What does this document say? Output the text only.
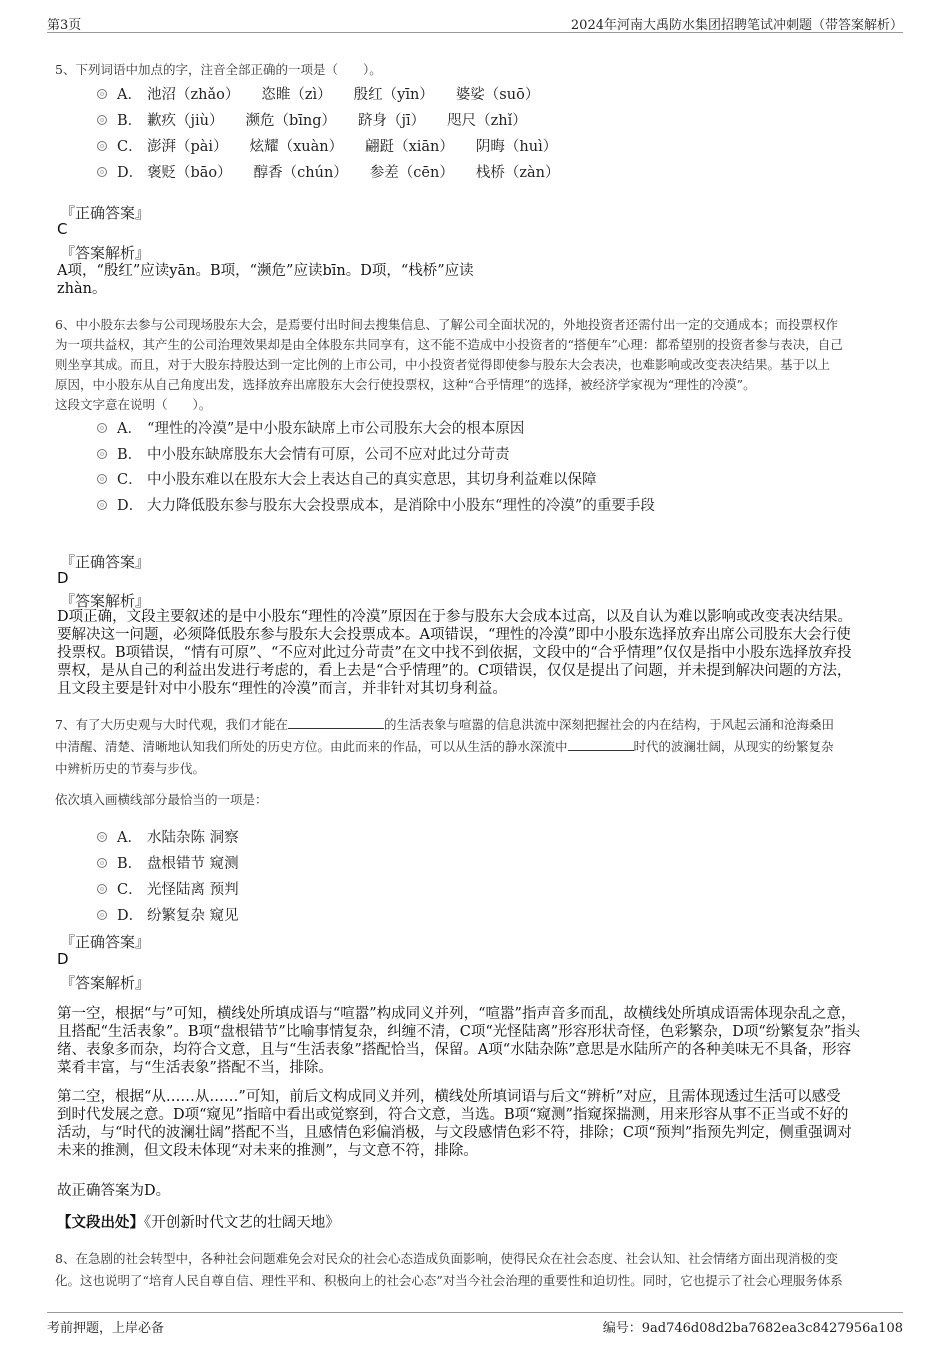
第3页	2024年河南大禹防水集团招聘笔试冲刺题（带答案解析）
5、下列词语中加点的字，注音全部正确的一项是（　　）。
A． 池沼（zhǎo） 恣睢（zì） 殷红（yīn） 婆娑（suō）
B． 歉疚（jiù） 濒危（bīng） 跻身（jī） 咫尺（zhǐ）
C． 澎湃（pài） 炫耀（xuàn） 翩跹（xiān） 阴晦（huì）
D． 褒贬（bāo） 醇香（chún） 参差（cēn） 栈桥（zàn）
『正确答案』
C
『答案解析』
A项，“殷红”应读yān。B项，“濒危”应读bīn。D项，“栈桥”应读
zhàn。
6、中小股东去参与公司现场股东大会，是焉要付出时间去搜集信息、了解公司全面状况的，外地投资者还需付出一定的交通成本；而投票权作
为一项共益权，其产生的公司治理效果却是由全体股东共同享有，这不能不造成中小投资者的“搭便车”心理：都希望别的投资者参与表决，自己
则坐享其成。而且，对于大股东持股达到一定比例的上市公司，中小投资者觉得即使参与股东大会表决，也难影响或改变表决结果。基于以上
原因，中小股东从自己角度出发，选择放弃出席股东大会行使投票权，这种“合乎情理”的选择，被经济学家视为“理性的冷漠”。
这段文字意在说明（　　）。
A． “理性的冷漠”是中小股东缺席上市公司股东大会的根本原因
B． 中小股东缺席股东大会情有可原，公司不应对此过分苛责
C． 中小股东难以在股东大会上表达自己的真实意思，其切身利益难以保障
D． 大力降低股东参与股东大会投票成本，是消除中小股东“理性的冷漠”的重要手段
『正确答案』
D
『答案解析』
D项正确，文段主要叙述的是中小股东“理性的冷漠”原因在于参与股东大会成本过高，以及自认为难以影响或改变表决结果。
要解决这一问题，必须降低股东参与股东大会投票成本。A项错误，“理性的冷漠”即中小股东选择放弃出席公司股东大会行使
投票权。B项错误，“情有可原”、“不应对此过分苛责”在文中找不到依据，文段中的“合乎情理”仅仅是指中小股东选择放弃投
票权，是从自己的利益出发进行考虑的，看上去是“合乎情理”的。C项错误，仅仅是提出了问题，并未提到解决问题的方法，
且文段主要是针对中小股东“理性的冷漠”而言，并非针对其切身利益。
7、有了大历史观与大时代观，我们才能在	的生活表象与喧嚣的信息洪流中深刻把握社会的内在结构，于风起云涌和沧海桑田
中清醒、清楚、清晰地认知我们所处的历史方位。由此而来的作品，可以从生活的静水深流中	时代的波澜壮阔，从现实的纷繁复杂
中辨析历史的节奏与步伐。
依次填入画横线部分最恰当的一项是：
A． 水陆杂陈 洞察
B． 盘根错节 窥测
C． 光怪陆离 预判
D． 纷繁复杂 窥见
『正确答案』
D
『答案解析』
第一空，根据“与”可知，横线处所填成语与“喧嚣”构成同义并列，“喧嚣”指声音多而乱，故横线处所填成语需体现杂乱之意，
且搭配“生活表象”。B项“盘根错节”比喻事情复杂，纠缠不清，C项“光怪陆离”形容形状奇怪，色彩繁杂，D项“纷繁复杂”指头
绪、表象多而杂，均符合文意，且与“生活表象”搭配恰当，保留。A项“水陆杂陈”意思是水陆所产的各种美味无不具备，形容
菜肴丰富，与“生活表象”搭配不当，排除。
第二空，根据“从……从……”可知，前后文构成同义并列，横线处所填词语与后文“辨析”对应，且需体现透过生活可以感受
到时代发展之意。D项“窥见”指暗中看出或觉察到，符合文意，当选。B项“窥测”指窥探揣测，用来形容从事不正当或不好的
活动，与“时代的波澜壮阔”搭配不当，且感情色彩偏消极，与文段感情色彩不符，排除；C项“预判”指预先判定，侧重强调对
未来的推测，但文段未体现“对未来的推测”，与文意不符，排除。
故正确答案为D。
【文段出处】《开创新时代文艺的壮阔天地》
8、在急剧的社会转型中，各种社会问题难免会对民众的社会心态造成负面影响，使得民众在社会态度、社会认知、社会情绪方面出现消极的变
化。这也说明了“培育人民自尊自信、理性平和、积极向上的社会心态”对当今社会治理的重要性和迫切性。同时，它也提示了社会心理服务体系
考前押题，上岸必备	编号：9ad746d08d2ba7682ea3c8427956a108
